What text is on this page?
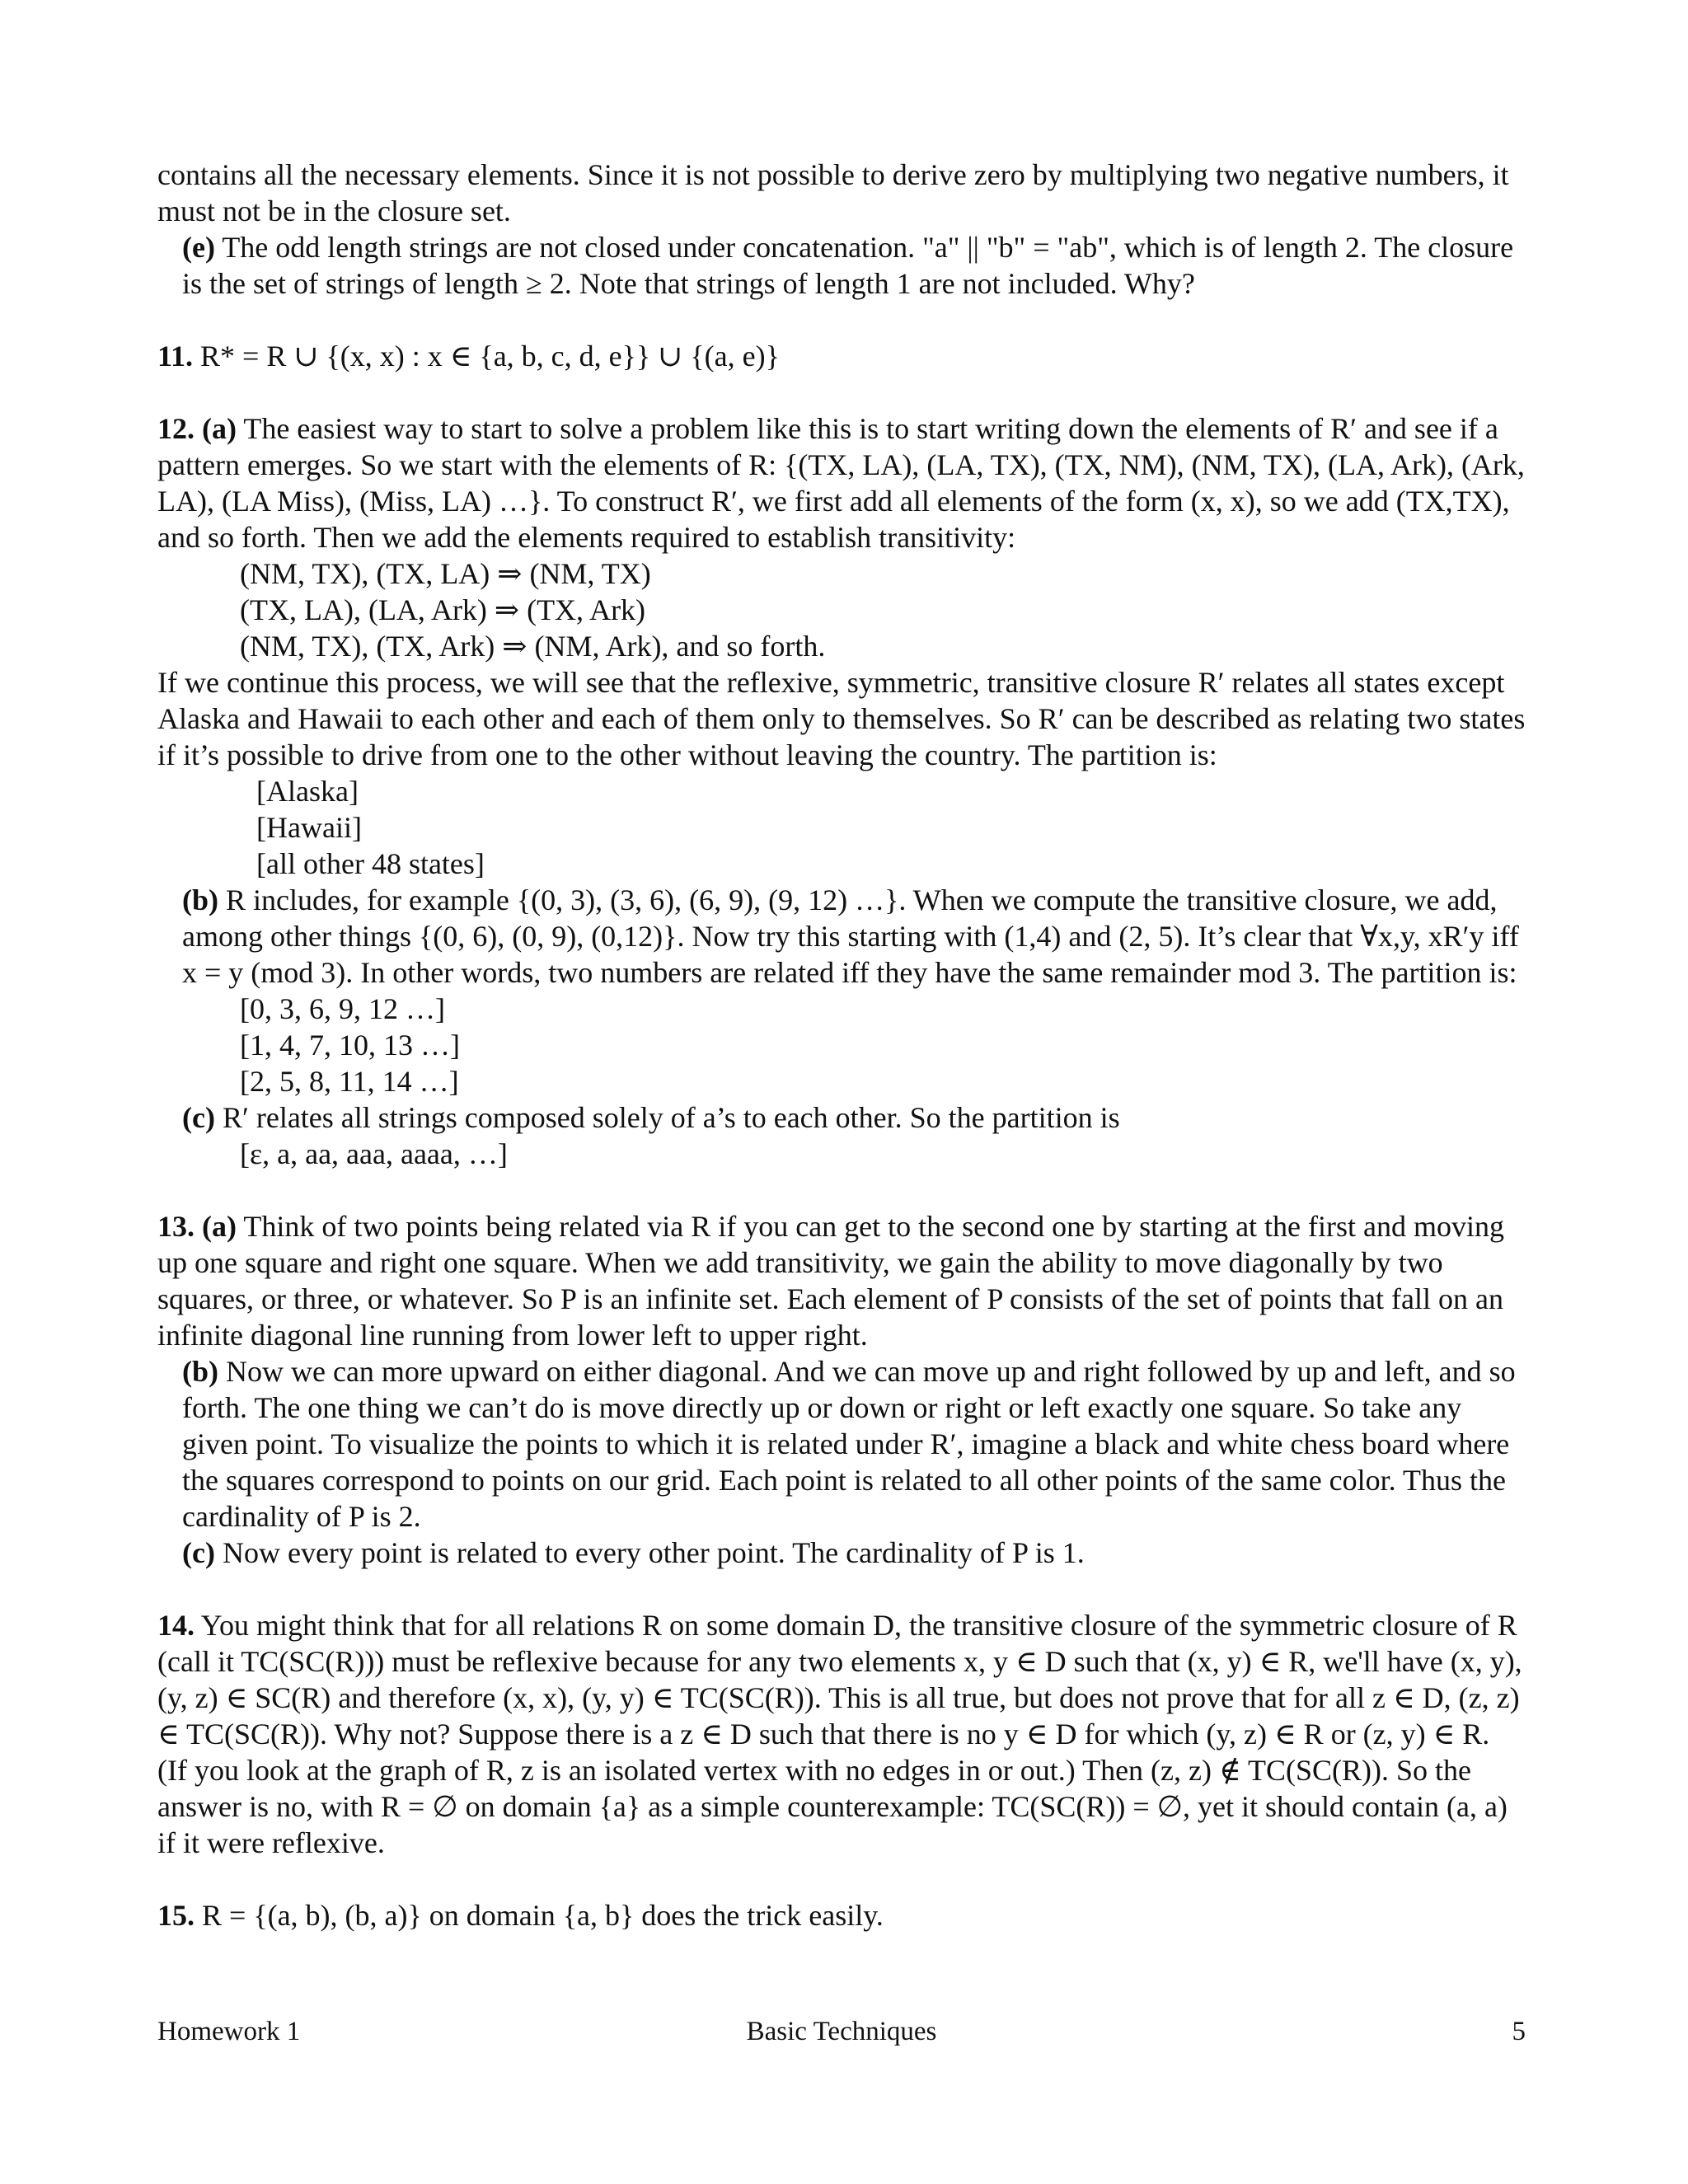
contains all the necessary elements. Since it is not possible to derive zero by multiplying two negative numbers, it must not be in the closure set.

(e) The odd length strings are not closed under concatenation. "a" || "b" = "ab", which is of length 2. The closure is the set of strings of length ≥ 2. Note that strings of length 1 are not included. Why?

11. R* = R ∪ {(x, x) : x ∈ {a, b, c, d, e}} ∪ {(a, e)}

12. (a) The easiest way to start to solve a problem like this is to start writing down the elements of R′ and see if a pattern emerges. So we start with the elements of R: {(TX, LA), (LA, TX), (TX, NM), (NM, TX), (LA, Ark), (Ark, LA), (LA Miss), (Miss, LA) …}. To construct R′, we first add all elements of the form (x, x), so we add (TX,TX), and so forth. Then we add the elements required to establish transitivity:

(NM, TX), (TX, LA) ⇒ (NM, TX)

(TX, LA), (LA, Ark) ⇒ (TX, Ark)

(NM, TX), (TX, Ark) ⇒ (NM, Ark), and so forth.

If we continue this process, we will see that the reflexive, symmetric, transitive closure R′ relates all states except Alaska and Hawaii to each other and each of them only to themselves. So R′ can be described as relating two states if it’s possible to drive from one to the other without leaving the country. The partition is:

[Alaska]

[Hawaii]

[all other 48 states]

(b) R includes, for example {(0, 3), (3, 6), (6, 9), (9, 12) …}. When we compute the transitive closure, we add, among other things {(0, 6), (0, 9), (0,12)}. Now try this starting with (1,4) and (2, 5). It’s clear that ∀x,y, xR′y iff x = y (mod 3). In other words, two numbers are related iff they have the same remainder mod 3. The partition is:

[0, 3, 6, 9, 12 …]

[1, 4, 7, 10, 13 …]

[2, 5, 8, 11, 14 …]

(c) R′ relates all strings composed solely of a’s to each other. So the partition is

[ε, a, aa, aaa, aaaa, …]

13. (a) Think of two points being related via R if you can get to the second one by starting at the first and moving up one square and right one square. When we add transitivity, we gain the ability to move diagonally by two squares, or three, or whatever. So P is an infinite set. Each element of P consists of the set of points that fall on an infinite diagonal line running from lower left to upper right.

(b) Now we can more upward on either diagonal. And we can move up and right followed by up and left, and so forth. The one thing we can’t do is move directly up or down or right or left exactly one square. So take any given point. To visualize the points to which it is related under R′, imagine a black and white chess board where the squares correspond to points on our grid. Each point is related to all other points of the same color. Thus the cardinality of P is 2.

(c) Now every point is related to every other point. The cardinality of P is 1.

14. You might think that for all relations R on some domain D, the transitive closure of the symmetric closure of R (call it TC(SC(R))) must be reflexive because for any two elements x, y ∈ D such that (x, y) ∈ R, we'll have (x, y), (y, z) ∈ SC(R) and therefore (x, x), (y, y) ∈ TC(SC(R)). This is all true, but does not prove that for all z ∈ D, (z, z) ∈ TC(SC(R)). Why not? Suppose there is a z ∈ D such that there is no y ∈ D for which (y, z) ∈ R or (z, y) ∈ R. (If you look at the graph of R, z is an isolated vertex with no edges in or out.) Then (z, z) ∉ TC(SC(R)). So the answer is no, with R = ∅ on domain {a} as a simple counterexample: TC(SC(R)) = ∅, yet it should contain (a, a) if it were reflexive.

15. R = {(a, b), (b, a)} on domain {a, b} does the trick easily.

Homework 1	Basic Techniques	5
